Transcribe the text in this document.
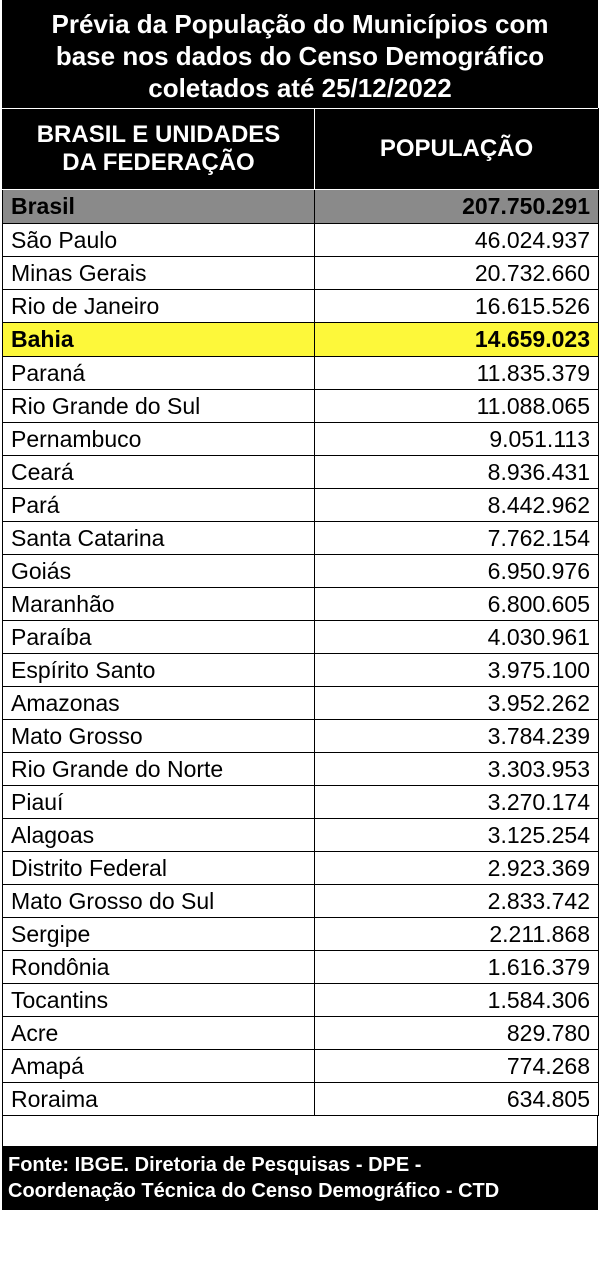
Prévia da População do Municípios com
base nos dados do Censo Demográfico
coletados até 25/12/2022
BRASIL E UNIDADES
DA FEDERAÇÃO	POPULAÇÃO
Brasil	207.750.291
São Paulo	46.024.937
Minas Gerais	20.732.660
Rio de Janeiro	16.615.526
Bahia	14.659.023
Paraná	11.835.379
Rio Grande do Sul	11.088.065
Pernambuco	9.051.113
Ceará	8.936.431
Pará	8.442.962
Santa Catarina	7.762.154
Goiás	6.950.976
Maranhão	6.800.605
Paraíba	4.030.961
Espírito Santo	3.975.100
Amazonas	3.952.262
Mato Grosso	3.784.239
Rio Grande do Norte	3.303.953
Piauí	3.270.174
Alagoas	3.125.254
Distrito Federal	2.923.369
Mato Grosso do Sul	2.833.742
Sergipe	2.211.868
Rondônia	1.616.379
Tocantins	1.584.306
Acre	829.780
Amapá	774.268
Roraima	634.805
Fonte: IBGE. Diretoria de Pesquisas - DPE -
Coordenação Técnica do Censo Demográfico - CTD
